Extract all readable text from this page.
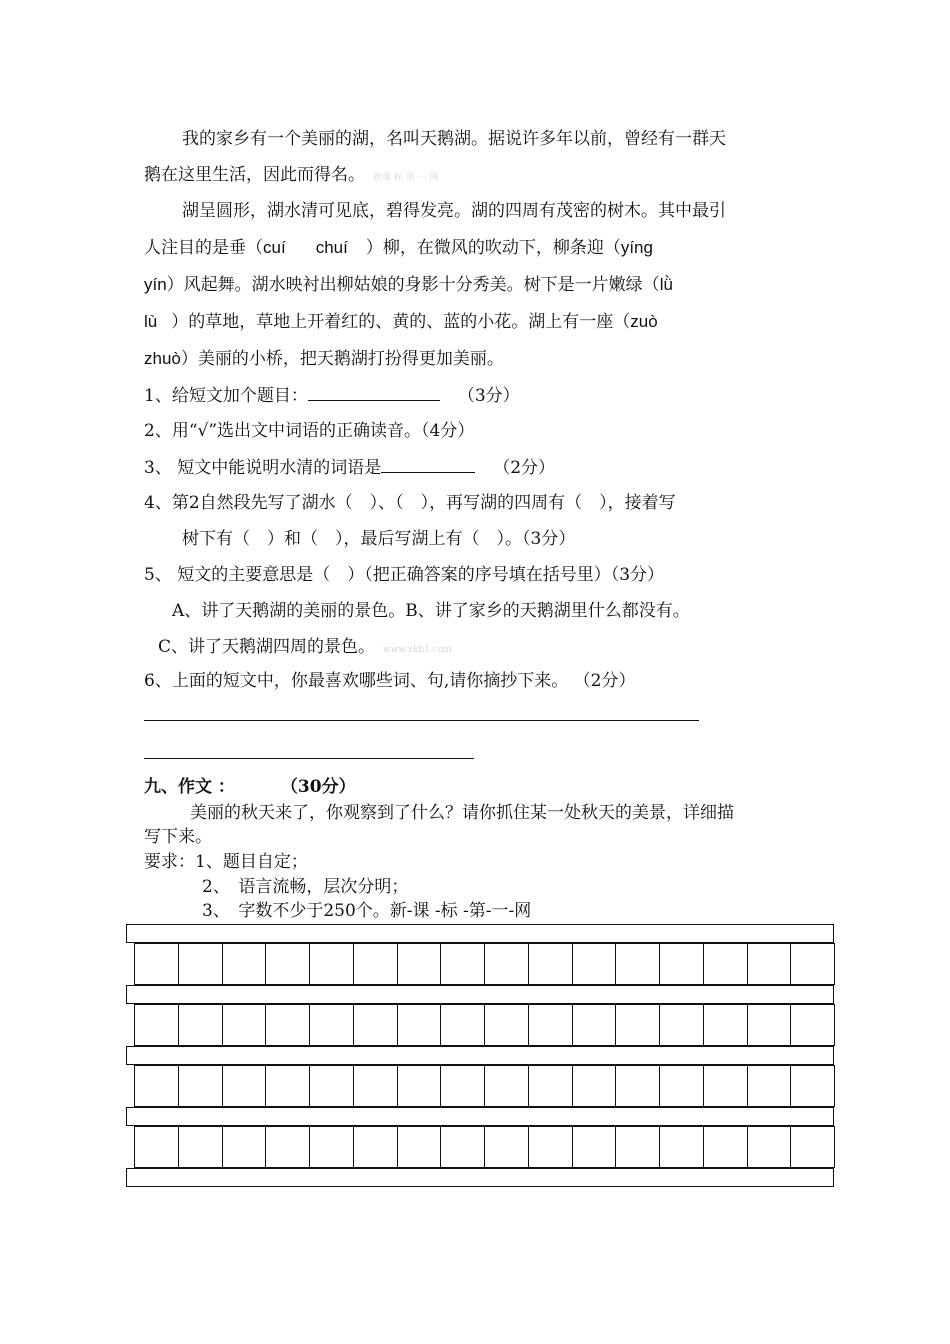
我的家乡有一个美丽的湖，名叫天鹅湖。据说许多年以前，曾经有一群天
鹅在这里生活，因此而得名。 新课 标 第 一 网
湖呈圆形，湖水清可见底，碧得发亮。湖的四周有茂密的树木。其中最引
人注目的是垂（cuí chuí ）柳，在微风的吹动下，柳条迎（yíng
yín）风起舞。湖水映衬出柳姑娘的身影十分秀美。树下是一片嫩绿（lǜ
lù ）的草地，草地上开着红的、黄的、蓝的小花。湖上有一座（zuò
zhuò）美丽的小桥，把天鹅湖打扮得更加美丽。
1、给短文加个题目：	（3分）
2、用“√”选出文中词语的正确读音。（4分）
3、 短文中能说明水清的词语是	（2分）
4、第2自然段先写了湖水（　）、（　），再写湖的四周有（　），接着写
树下有（　）和（　），最后写湖上有（　）。（3分）
5、 短文的主要意思是（　）（把正确答案的序号填在括号里）（3分）
A、讲了天鹅湖的美丽的景色。B、讲了家乡的天鹅湖里什么都没有。
C、讲了天鹅湖四周的景色。 www.xkb1.com
6、上面的短文中，你最喜欢哪些词、句,请你摘抄下来。 （2分）
九、作文 ：	（30分）
美丽的秋天来了，你观察到了什么？请你抓住某一处秋天的美景，详细描
写下来。
要求：1、题目自定；
2、　语言流畅，层次分明；
3、　字数不少于250个。新-课 -标 -第-一-网
